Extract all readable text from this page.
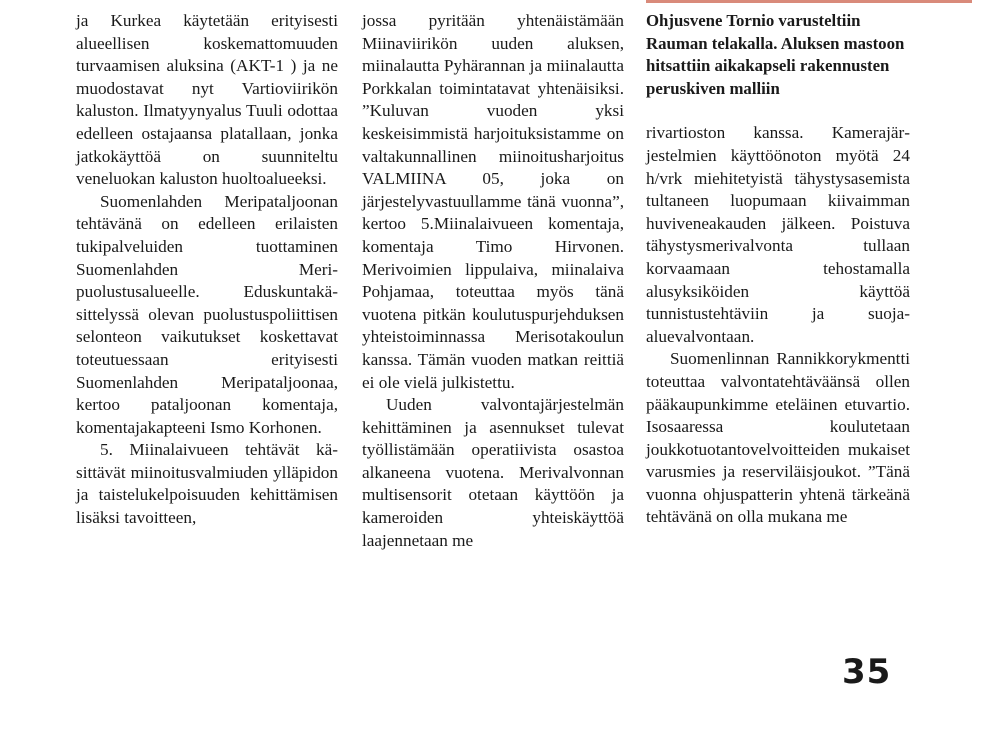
ja Kurkea käytetään erityisesti alueellisen koskemattomuuden turvaamisen aluksina (AKT-1 ) ja ne muodostavat nyt Vartioviirikön kaluston. Ilmatyynyalus Tuuli odottaa edelleen ostajaansa platallaan, jonka jatkokäyttöä on suunniteltu veneluokan kaluston huoltoalueeksi.

Suomenlahden Meripataljoonan tehtävänä on edelleen erilaisten tukipalveluiden tuottaminen Suomenlahden Meripuolustusalueelle. Eduskuntakäsittelyssä olevan puolustuspoliittisen selonteon vaikutukset koskettavat toteutuessaan erityisesti Suomenlahden Meripataljoonaa, kertoo pataljoonan komentaja, komentajakapteeni Ismo Korhonen.

5. Miinalaivueen tehtävät käsittävät miinoitusvalmiuden ylläpidon ja taistelukelpoisuuden kehittämisen lisäksi tavoitteen,

jossa pyritään yhtenäistämään Miinaviirikön uuden aluksen, miinalautta Pyhärannan ja miinalautta Porkkalan toimintatavat yhtenäisiksi. ”Kuluvan vuoden yksi keskeisimmistä harjoituksistamme on valtakunnallinen miinoitusharjoitus VALMIINA 05, joka on järjestelyvastuullamme tänä vuonna”, kertoo 5.Miinalaivueen komentaja, komentaja Timo Hirvonen. Merivoimien lippulaiva, miinalaiva Pohjamaa, toteuttaa myös tänä vuotena pitkän koulutuspurjehduksen yhteistoiminnassa Merisotakoulun kanssa. Tämän vuoden matkan reittiä ei ole vielä julkistettu.

Uuden valvontajärjestelmän kehittäminen ja asennukset tulevat työllistämään operatiivista osastoa alkaneena vuotena. Merivalvonnan multisensorit otetaan käyttöön ja kameroiden yhteiskäyttöä laajennetaan me

Ohjusvene Tornio varusteltiin Rauman telakalla. Aluksen mastoon hitsattiin aikakapseli rakennusten peruskiven malliin

rivartioston kanssa. Kamerajärjestelmien käyttöönoton myötä 24 h/vrk miehitetyistä tähystysasemista tultaneen luopumaan kiivaimman huviveneakauden jälkeen. Poistuva tähystysmerivalvonta tullaan korvaamaan tehostamalla alusyksiköiden käyttöä tunnistustehtäviin ja suojaaluevalvontaan.

Suomenlinnan Rannikkorykmentti toteuttaa valvontatehtäväänsä ollen pääkaupunkimme eteläinen etuvartio. Isosaaressa koulutetaan joukkotuotantovelvoitteiden mukaiset varusmies ja reserviläisjoukot. ”Tänä vuonna ohjuspatterin yhtenä tärkeänä tehtävänä on olla mukana me

35
